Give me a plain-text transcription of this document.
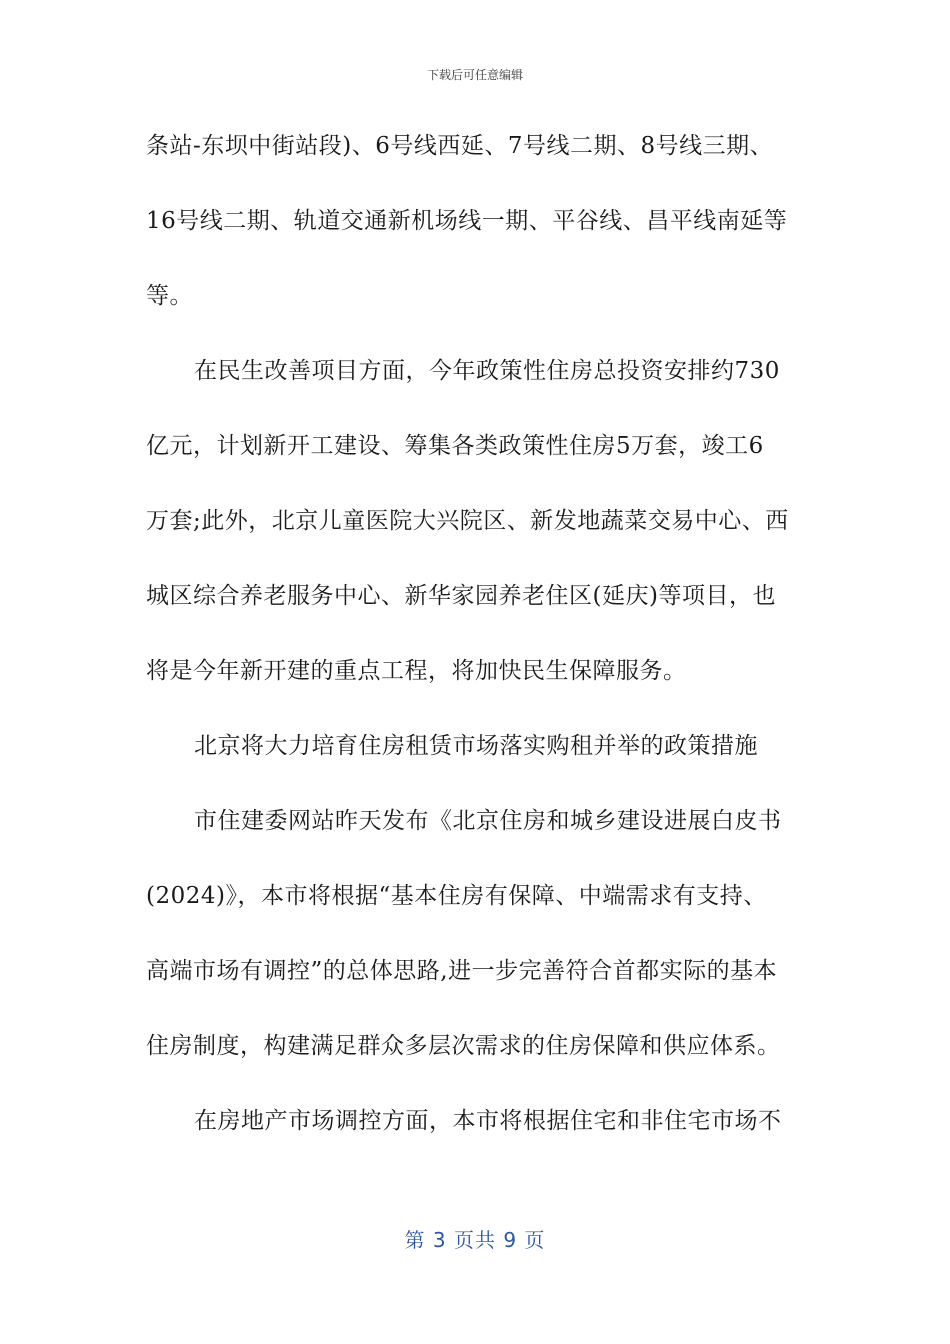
下载后可任意编辑
条站-东坝中街站段)、6号线西延、7号线二期、8号线三期、
16号线二期、轨道交通新机场线一期、平谷线、昌平线南延等
等。
在民生改善项目方面，今年政策性住房总投资安排约730
亿元，计划新开工建设、筹集各类政策性住房5万套，竣工6
万套;此外，北京儿童医院大兴院区、新发地蔬菜交易中心、西
城区综合养老服务中心、新华家园养老住区(延庆)等项目，也
将是今年新开建的重点工程，将加快民生保障服务。
北京将大力培育住房租赁市场落实购租并举的政策措施
市住建委网站昨天发布《北京住房和城乡建设进展白皮书
(2024)》，本市将根据“基本住房有保障、中端需求有支持、
高端市场有调控”的总体思路,进一步完善符合首都实际的基本
住房制度，构建满足群众多层次需求的住房保障和供应体系。
在房地产市场调控方面，本市将根据住宅和非住宅市场不
第 3 页共 9 页
